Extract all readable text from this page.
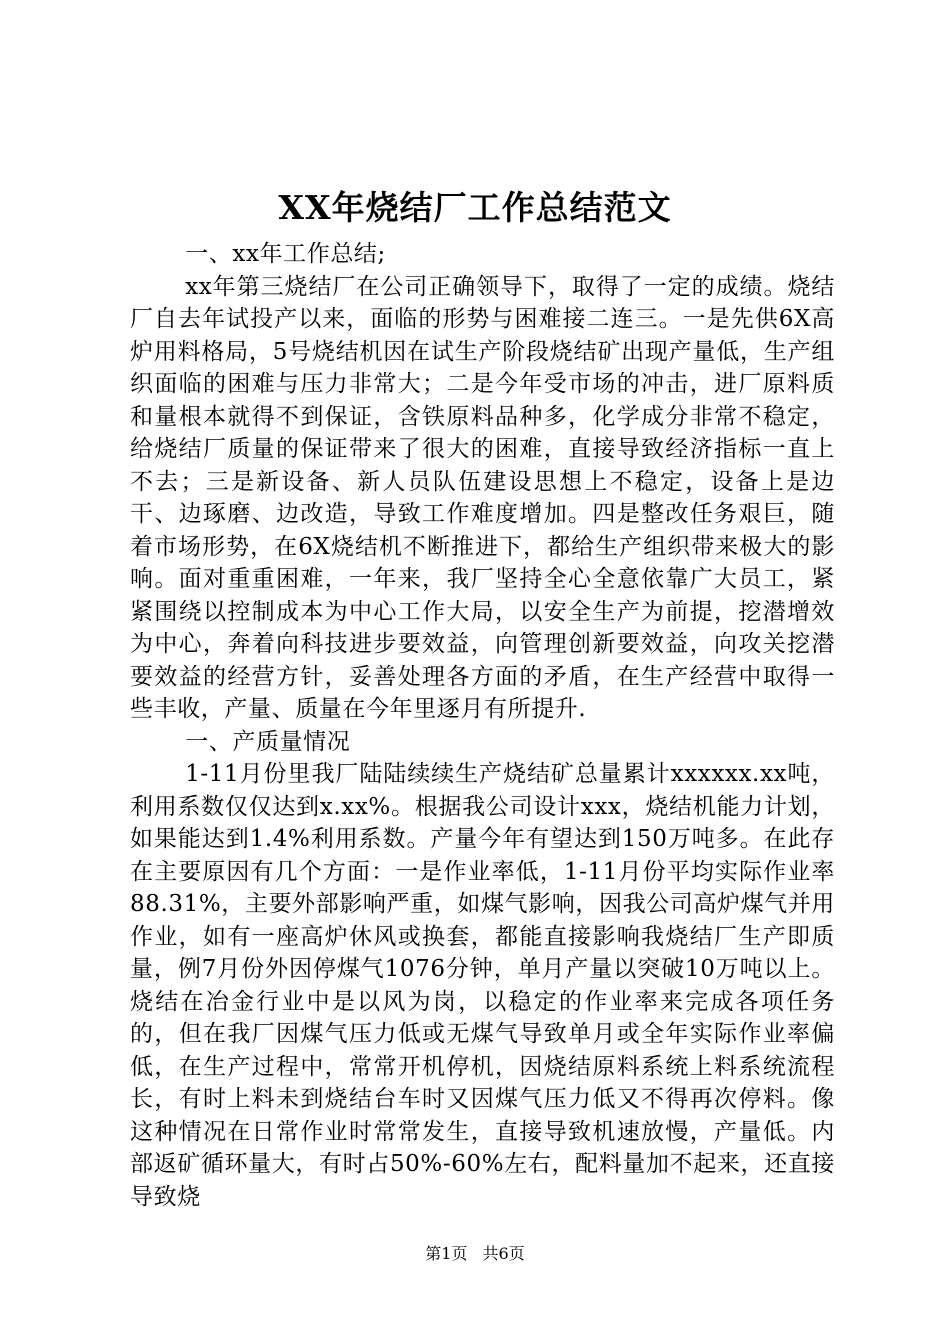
XX年烧结厂工作总结范文

一、xx年工作总结;

xx年第三烧结厂在公司正确领导下，取得了一定的成绩。烧结厂自去年试投产以来，面临的形势与困难接二连三。一是先供6X高炉用料格局，5号烧结机因在试生产阶段烧结矿出现产量低，生产组织面临的困难与压力非常大；二是今年受市场的冲击，进厂原料质和量根本就得不到保证，含铁原料品种多，化学成分非常不稳定，给烧结厂质量的保证带来了很大的困难，直接导致经济指标一直上不去；三是新设备、新人员队伍建设思想上不稳定，设备上是边干、边琢磨、边改造，导致工作难度增加。四是整改任务艰巨，随着市场形势，在6X烧结机不断推进下，都给生产组织带来极大的影响。面对重重困难，一年来，我厂坚持全心全意依靠广大员工，紧紧围绕以控制成本为中心工作大局，以安全生产为前提，挖潜增效为中心，奔着向科技进步要效益，向管理创新要效益，向攻关挖潜要效益的经营方针，妥善处理各方面的矛盾，在生产经营中取得一些丰收，产量、质量在今年里逐月有所提升.

一、产质量情况

1-11月份里我厂陆陆续续生产烧结矿总量累计xxxxxx.xx吨，利用系数仅仅达到x.xx%。根据我公司设计xxx，烧结机能力计划，如果能达到1.4%利用系数。产量今年有望达到150万吨多。在此存在主要原因有几个方面：一是作业率低，1-11月份平均实际作业率88.31%，主要外部影响严重，如煤气影响，因我公司高炉煤气并用作业，如有一座高炉休风或换套，都能直接影响我烧结厂生产即质量，例7月份外因停煤气1076分钟，单月产量以突破10万吨以上。烧结在冶金行业中是以风为岗，以稳定的作业率来完成各项任务的，但在我厂因煤气压力低或无煤气导致单月或全年实际作业率偏低，在生产过程中，常常开机停机，因烧结原料系统上料系统流程长，有时上料未到烧结台车时又因煤气压力低又不得再次停料。像这种情况在日常作业时常常发生，直接导致机速放慢，产量低。内部返矿循环量大，有时占50%-60%左右，配料量加不起来，还直接导致烧

第1页 共6页
